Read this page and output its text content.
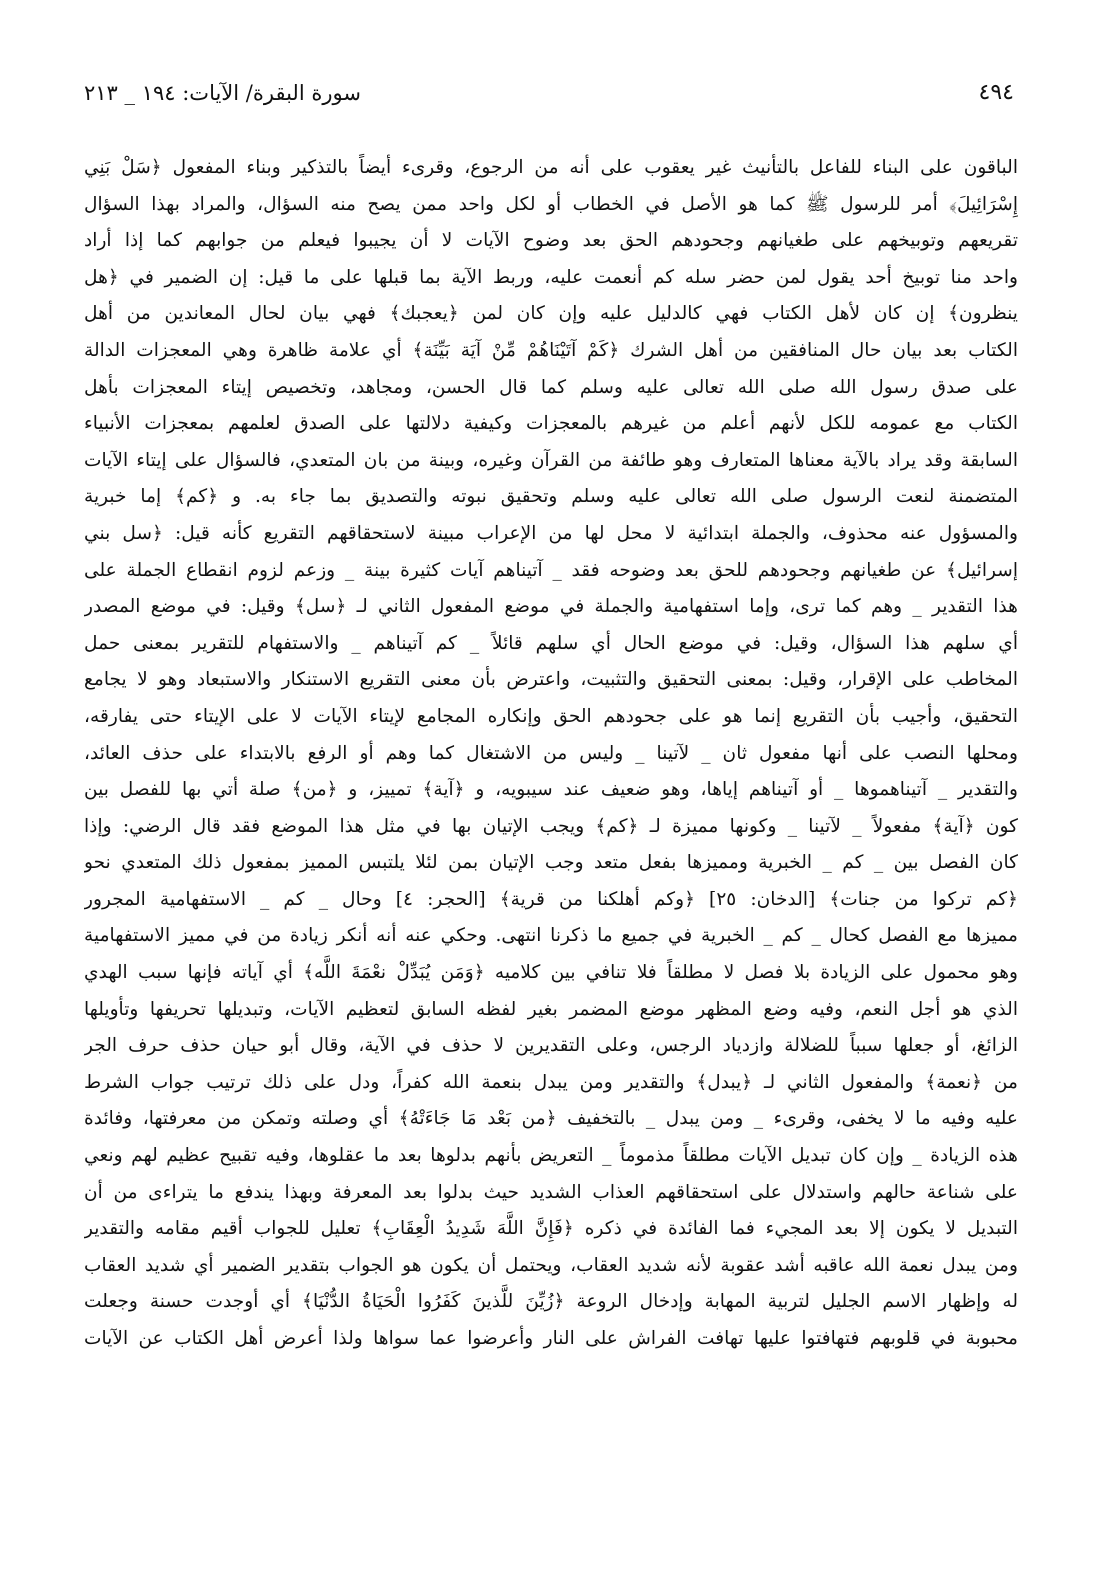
٤٩٤
سورة البقرة/ الآيات: ١٩٤ _ ٢١٣
الباقون على البناء للفاعل بالتأنيث غير يعقوب على أنه من الرجوع، وقرىء أيضاً بالتذكير وبناء المفعول ﴿سَلْ بَنِي
إِسْرَائِيلَ﴾ أمر للرسول ﷺ كما هو الأصل في الخطاب أو لكل واحد ممن يصح منه السؤال، والمراد بهذا السؤال
تقريعهم وتوبيخهم على طغيانهم وجحودهم الحق بعد وضوح الآيات لا أن يجيبوا فيعلم من جوابهم كما إذا أراد
واحد منا توبيخ أحد يقول لمن حضر سله كم أنعمت عليه، وربط الآية بما قبلها على ما قيل: إن الضمير في ﴿هل
ينظرون﴾ إن كان لأهل الكتاب فهي كالدليل عليه وإن كان لمن ﴿يعجبك﴾ فهي بيان لحال المعاندين من أهل
الكتاب بعد بيان حال المنافقين من أهل الشرك ﴿كَمْ آتَيْنَاهُمْ مِّنْ آيَة بَيِّنَة﴾ أي علامة ظاهرة وهي المعجزات الدالة
على صدق رسول الله صلى الله تعالى عليه وسلم كما قال الحسن، ومجاهد، وتخصيص إيتاء المعجزات بأهل
الكتاب مع عمومه للكل لأنهم أعلم من غيرهم بالمعجزات وكيفية دلالتها على الصدق لعلمهم بمعجزات الأنبياء
السابقة وقد يراد بالآية معناها المتعارف وهو طائفة من القرآن وغيره، وبينة من بان المتعدي، فالسؤال على إيتاء الآيات
المتضمنة لنعت الرسول صلى الله تعالى عليه وسلم وتحقيق نبوته والتصديق بما جاء به. و ﴿كم﴾ إما خبرية
والمسؤول عنه محذوف، والجملة ابتدائية لا محل لها من الإعراب مبينة لاستحقاقهم التقريع كأنه قيل: ﴿سل بني
إسرائيل﴾ عن طغيانهم وجحودهم للحق بعد وضوحه فقد _ آتيناهم آيات كثيرة بينة _ وزعم لزوم انقطاع الجملة على
هذا التقدير _ وهم كما ترى، وإما استفهامية والجملة في موضع المفعول الثاني لـ ﴿سل﴾ وقيل: في موضع المصدر
أي سلهم هذا السؤال، وقيل: في موضع الحال أي سلهم قائلاً _ كم آتيناهم _ والاستفهام للتقرير بمعنى حمل
المخاطب على الإقرار، وقيل: بمعنى التحقيق والتثبيت، واعترض بأن معنى التقريع الاستنكار والاستبعاد وهو لا يجامع
التحقيق، وأجيب بأن التقريع إنما هو على جحودهم الحق وإنكاره المجامع لإيتاء الآيات لا على الإيتاء حتى يفارقه،
ومحلها النصب على أنها مفعول ثان _ لآتينا _ وليس من الاشتغال كما وهم أو الرفع بالابتداء على حذف العائد،
والتقدير _ آتيناهموها _ أو آتيناهم إياها، وهو ضعيف عند سيبويه، و ﴿آية﴾ تمييز، و ﴿من﴾ صلة أتي بها للفصل بين
كون ﴿آية﴾ مفعولاً _ لآتينا _ وكونها مميزة لـ ﴿كم﴾ ويجب الإتيان بها في مثل هذا الموضع فقد قال الرضي: وإذا
كان الفصل بين _ كم _ الخبرية ومميزها بفعل متعد وجب الإتيان بمن لئلا يلتبس المميز بمفعول ذلك المتعدي نحو
﴿كم تركوا من جنات﴾ [الدخان: ٢٥] ﴿وكم أهلكنا من قرية﴾ [الحجر: ٤] وحال _ كم _ الاستفهامية المجرور
مميزها مع الفصل كحال _ كم _ الخبرية في جميع ما ذكرنا انتهى. وحكي عنه أنه أنكر زيادة من في مميز الاستفهامية
وهو محمول على الزيادة بلا فصل لا مطلقاً فلا تنافي بين كلاميه ﴿وَمَن يُبَدِّلْ نعْمَةَ اللَّه﴾ أي آياته فإنها سبب الهدي
الذي هو أجل النعم، وفيه وضع المظهر موضع المضمر بغير لفظه السابق لتعظيم الآيات، وتبديلها تحريفها وتأويلها
الزائغ، أو جعلها سبباً للضلالة وازدياد الرجس، وعلى التقديرين لا حذف في الآية، وقال أبو حيان حذف حرف الجر
من ﴿نعمة﴾ والمفعول الثاني لـ ﴿يبدل﴾ والتقدير ومن يبدل بنعمة الله كفراً، ودل على ذلك ترتيب جواب الشرط
عليه وفيه ما لا يخفى، وقرىء _ ومن يبدل _ بالتخفيف ﴿من بَعْد مَا جَاءَتْهُ﴾ أي وصلته وتمكن من معرفتها، وفائدة
هذه الزيادة _ وإن كان تبديل الآيات مطلقاً مذموماً _ التعريض بأنهم بدلوها بعد ما عقلوها، وفيه تقبيح عظيم لهم ونعي
على شناعة حالهم واستدلال على استحقاقهم العذاب الشديد حيث بدلوا بعد المعرفة وبهذا يندفع ما يتراءى من أن
التبديل لا يكون إلا بعد المجيء فما الفائدة في ذكره ﴿فَإِنَّ اللَّهَ شَدِيدُ الْعِقَابِ﴾ تعليل للجواب أقيم مقامه والتقدير
ومن يبدل نعمة الله عاقبه أشد عقوبة لأنه شديد العقاب، ويحتمل أن يكون هو الجواب بتقدير الضمير أي شديد العقاب
له وإظهار الاسم الجليل لتربية المهابة وإدخال الروعة ﴿زُيِّنَ للَّذينَ كَفَرُوا الْحَيَاةُ الدُّنْيَا﴾ أي أوجدت حسنة وجعلت
محبوبة في قلوبهم فتهافتوا عليها تهافت الفراش على النار وأعرضوا عما سواها ولذا أعرض أهل الكتاب عن الآيات
